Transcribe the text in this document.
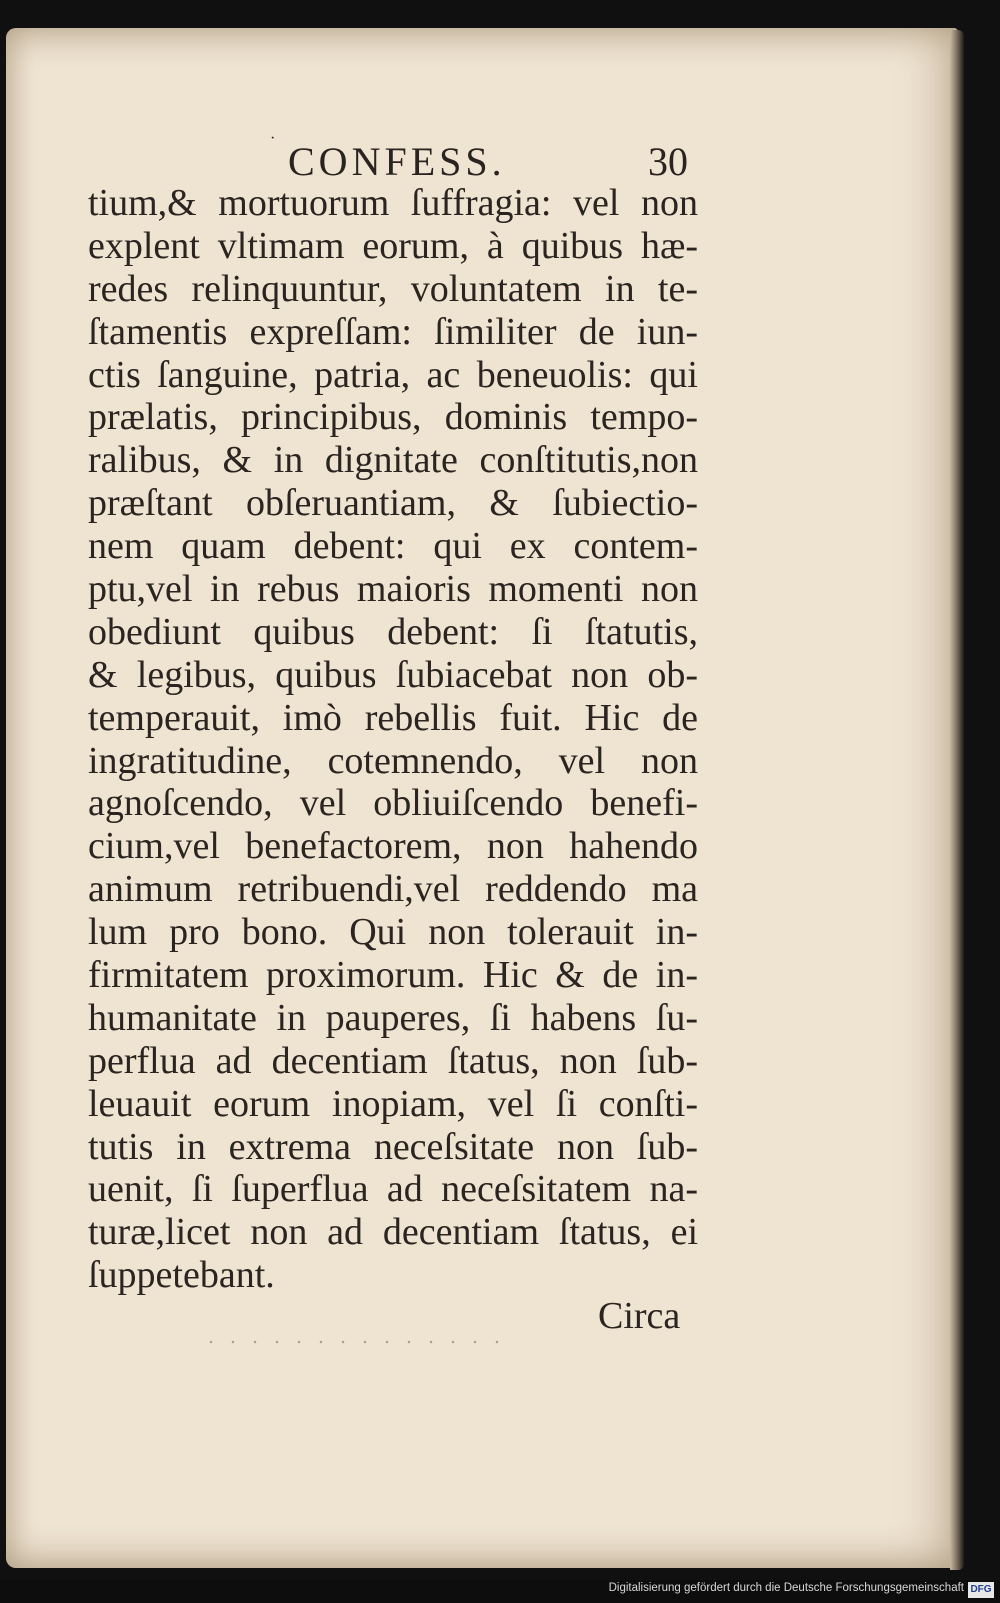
·
CONFESS.	30
tium,& mortuorum ſuffragia: vel non
explent vltimam eorum, à quibus hæ-
redes relinquuntur, voluntatem in te-
ſtamentis expreſſam: ſimiliter de iun-
ctis ſanguine, patria, ac beneuolis: qui
prælatis, principibus, dominis tempo-
ralibus, & in dignitate conſtitutis,non
præſtant obſeruantiam, & ſubiectio-
nem quam debent: qui ex contem-
ptu,vel in rebus maioris momenti non
obediunt quibus debent: ſi ſtatutis,
& legibus, quibus ſubiacebat non ob-
temperauit, imò rebellis fuit. Hic de
ingratitudine, cotemnendo, vel non
agnoſcendo, vel obliuiſcendo benefi-
cium,vel benefactorem, non hahendo
animum retribuendi,vel reddendo ma
lum pro bono. Qui non tolerauit in-
firmitatem proximorum. Hic & de in-
humanitate in pauperes, ſi habens ſu-
perflua ad decentiam ſtatus, non ſub-
leuauit eorum inopiam, vel ſi conſti-
tutis in extrema neceſsitate non ſub-
uenit, ſi ſuperflua ad neceſsitatem na-
turæ,licet non ad decentiam ſtatus, ei
ſuppetebant.
Circa
Digitalisierung gefördert durch die Deutsche Forschungsgemeinschaft DFG
